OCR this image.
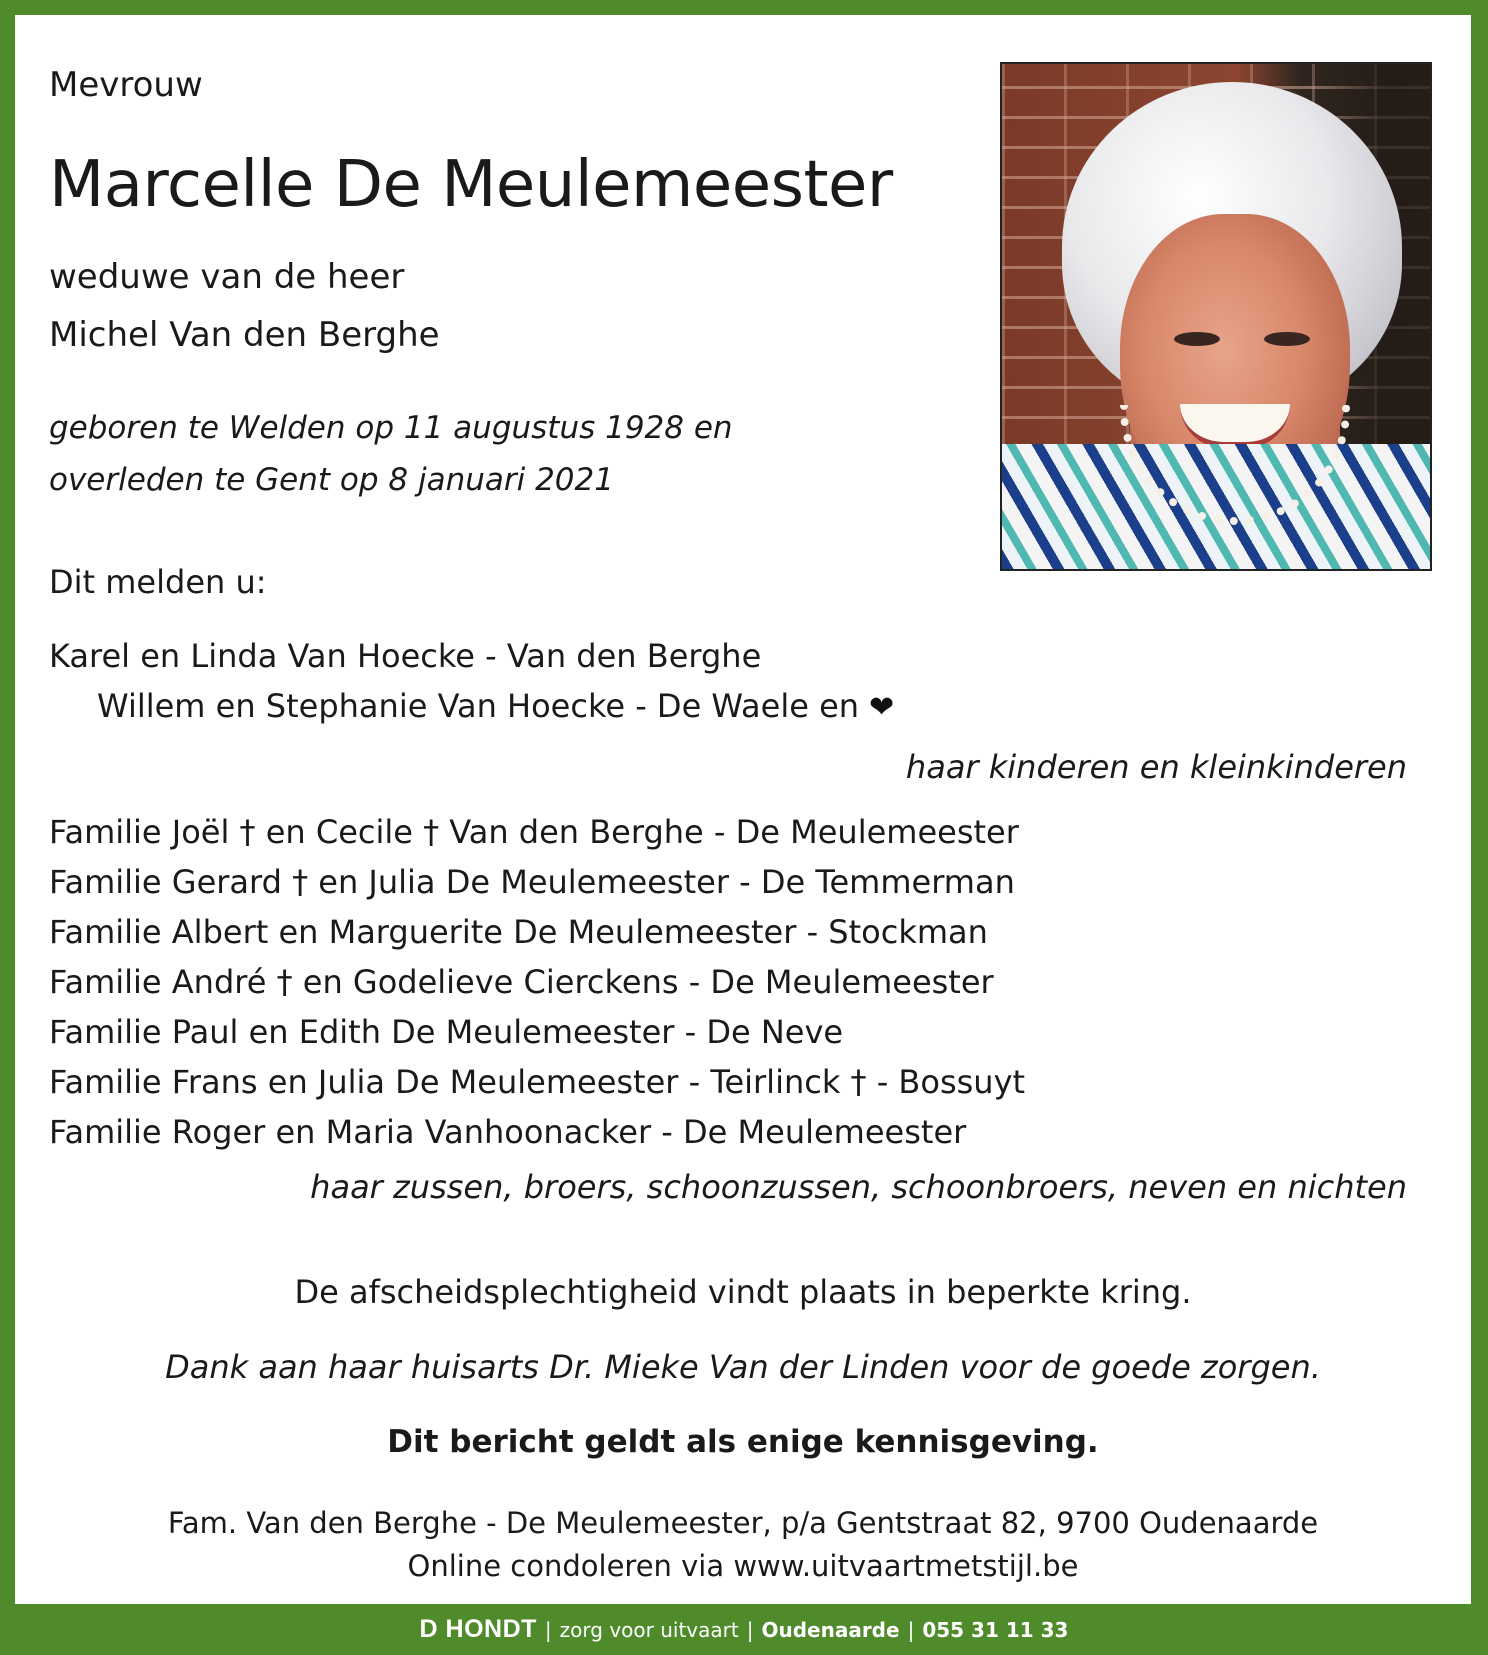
Mevrouw

Marcelle De Meulemeester

weduwe van de heer

Michel Van den Berghe

geboren te Welden op 11 augustus 1928 en

overleden te Gent op 8 januari 2021

Dit melden u:

Karel en Linda Van Hoecke - Van den Berghe

Willem en Stephanie Van Hoecke - De Waele en ❤

haar kinderen en kleinkinderen

Familie Joël † en Cecile † Van den Berghe - De Meulemeester
Familie Gerard † en Julia De Meulemeester - De Temmerman
Familie Albert en Marguerite De Meulemeester - Stockman
Familie André † en Godelieve Cierckens - De Meulemeester
Familie Paul en Edith De Meulemeester - De Neve
Familie Frans en Julia De Meulemeester - Teirlinck † - Bossuyt
Familie Roger en Maria Vanhoonacker - De Meulemeester

haar zussen, broers, schoonzussen, schoonbroers, neven en nichten

De afscheidsplechtigheid vindt plaats in beperkte kring.

Dank aan haar huisarts Dr. Mieke Van der Linden voor de goede zorgen.

Dit bericht geldt als enige kennisgeving.

Fam. Van den Berghe - De Meulemeester, p/a Gentstraat 82, 9700 Oudenaarde

Online condoleren via www.uitvaartmetstijl.be

D HONDT | zorg voor uitvaart | Oudenaarde | 055 31 11 33
